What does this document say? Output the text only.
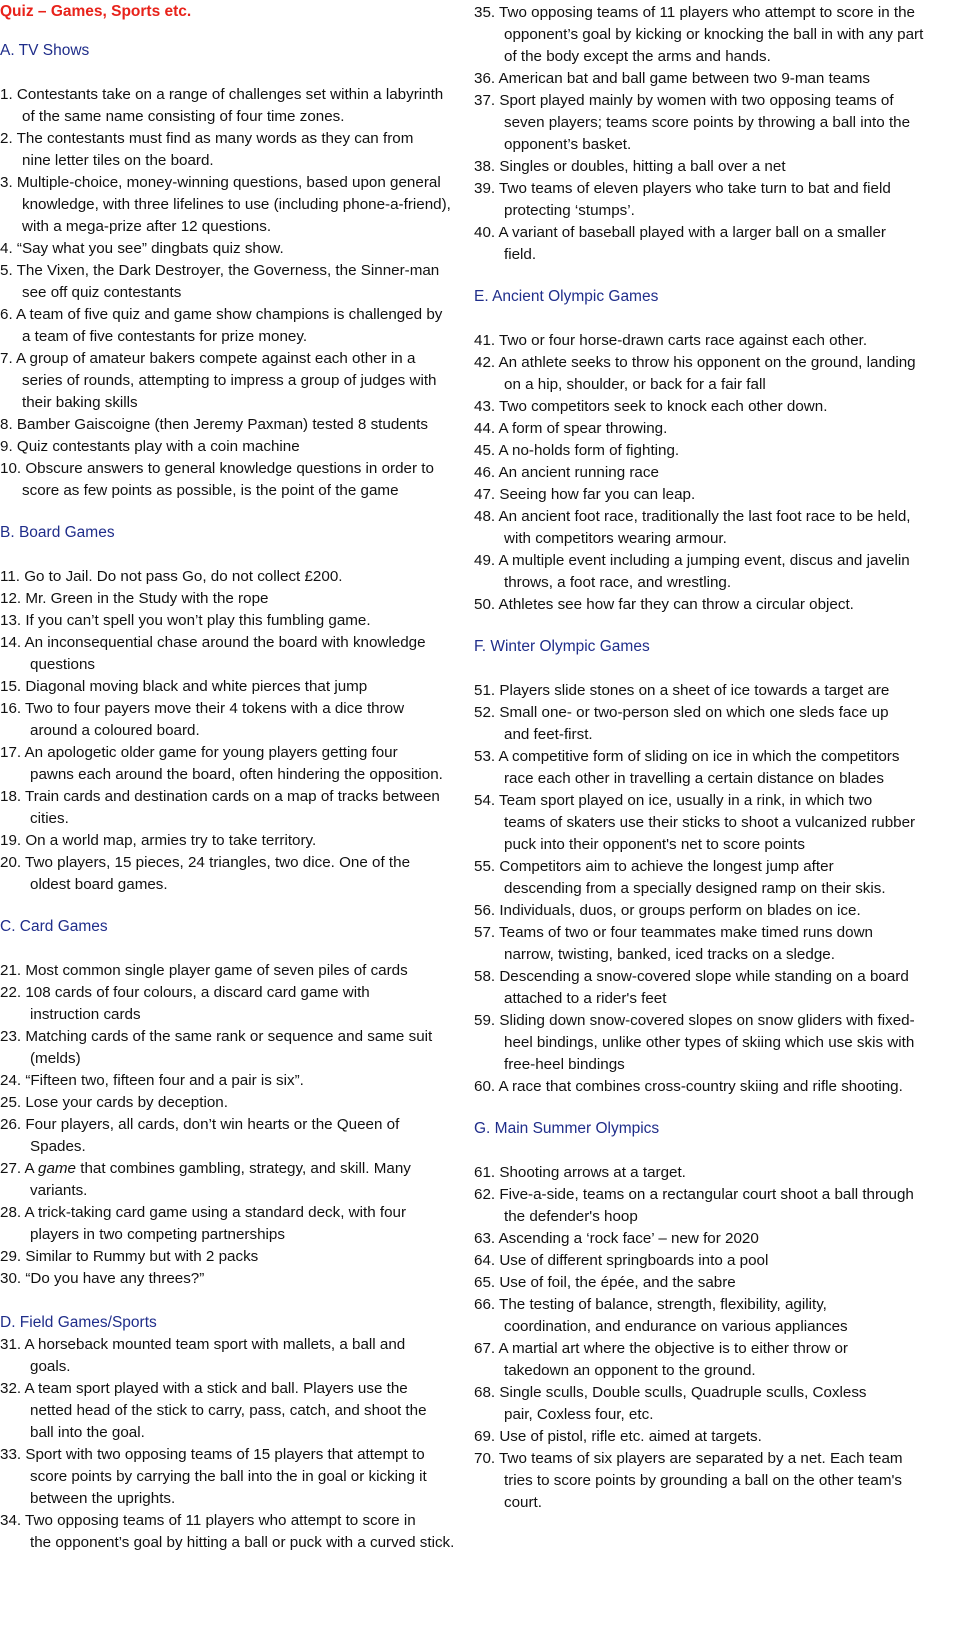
Quiz – Games, Sports etc.
A. TV Shows
1. Contestants take on a range of challenges set within a labyrinth
of the same name consisting of four time zones.
2. The contestants must find as many words as they can from
nine letter tiles on the board.
3. Multiple-choice, money-winning questions, based upon general
knowledge, with three lifelines to use (including phone-a-friend),
with a mega-prize after 12 questions.
4. “Say what you see” dingbats quiz show.
5. The Vixen, the Dark Destroyer, the Governess, the Sinner-man
see off quiz contestants
6. A team of five quiz and game show champions is challenged by
a team of five contestants for prize money.
7. A group of amateur bakers compete against each other in a
series of rounds, attempting to impress a group of judges with
their baking skills
8. Bamber Gaiscoigne (then Jeremy Paxman) tested 8 students
9. Quiz contestants play with a coin machine
10. Obscure answers to general knowledge questions in order to
score as few points as possible, is the point of the game
B. Board Games
11. Go to Jail. Do not pass Go, do not collect £200.
12. Mr. Green in the Study with the rope
13. If you can’t spell you won’t play this fumbling game.
14. An inconsequential chase around the board with knowledge
questions
15. Diagonal moving black and white pierces that jump
16. Two to four payers move their 4 tokens with a dice throw
around a coloured board.
17. An apologetic older game for young players getting four
pawns each around the board, often hindering the opposition.
18. Train cards and destination cards on a map of tracks between
cities.
19. On a world map, armies try to take territory.
20. Two players, 15 pieces, 24 triangles, two dice. One of the
oldest board games.
C. Card Games
21. Most common single player game of seven piles of cards
22. 108 cards of four colours, a discard card game with
instruction cards
23. Matching cards of the same rank or sequence and same suit
(melds)
24. “Fifteen two, fifteen four and a pair is six”.
25. Lose your cards by deception.
26. Four players, all cards, don’t win hearts or the Queen of
Spades.
27. A game that combines gambling, strategy, and skill. Many
variants.
28. A trick-taking card game using a standard deck, with four
players in two competing partnerships
29. Similar to Rummy but with 2 packs
30. “Do you have any threes?”
D. Field Games/Sports
31. A horseback mounted team sport with mallets, a ball and
goals.
32. A team sport played with a stick and ball. Players use the
netted head of the stick to carry, pass, catch, and shoot the
ball into the goal.
33. Sport with two opposing teams of 15 players that attempt to
score points by carrying the ball into the in goal or kicking it
between the uprights.
34. Two opposing teams of 11 players who attempt to score in
the opponent’s goal by hitting a ball or puck with a curved stick.
35. Two opposing teams of 11 players who attempt to score in the
opponent’s goal by kicking or knocking the ball in with any part
of the body except the arms and hands.
36. American bat and ball game between two 9-man teams
37. Sport played mainly by women with two opposing teams of
seven players; teams score points by throwing a ball into the
opponent’s basket.
38. Singles or doubles, hitting a ball over a net
39. Two teams of eleven players who take turn to bat and field
protecting ‘stumps’.
40. A variant of baseball played with a larger ball on a smaller
field.
E. Ancient Olympic Games
41. Two or four horse-drawn carts race against each other.
42. An athlete seeks to throw his opponent on the ground, landing
on a hip, shoulder, or back for a fair fall
43. Two competitors seek to knock each other down.
44. A form of spear throwing.
45. A no-holds form of fighting.
46. An ancient running race
47. Seeing how far you can leap.
48. An ancient foot race, traditionally the last foot race to be held,
with competitors wearing armour.
49. A multiple event including a jumping event, discus and javelin
throws, a foot race, and wrestling.
50. Athletes see how far they can throw a circular object.
F. Winter Olympic Games
51. Players slide stones on a sheet of ice towards a target are
52. Small one- or two-person sled on which one sleds face up
and feet-first.
53. A competitive form of sliding on ice in which the competitors
race each other in travelling a certain distance on blades
54. Team sport played on ice, usually in a rink, in which two
teams of skaters use their sticks to shoot a vulcanized rubber
puck into their opponent's net to score points
55. Competitors aim to achieve the longest jump after
descending from a specially designed ramp on their skis.
56. Individuals, duos, or groups perform on blades on ice.
57. Teams of two or four teammates make timed runs down
narrow, twisting, banked, iced tracks on a sledge.
58. Descending a snow-covered slope while standing on a board
attached to a rider's feet
59. Sliding down snow-covered slopes on snow gliders with fixed-
heel bindings, unlike other types of skiing which use skis with
free-heel bindings
60. A race that combines cross-country skiing and rifle shooting.
G. Main Summer Olympics
61. Shooting arrows at a target.
62. Five-a-side, teams on a rectangular court shoot a ball through
the defender's hoop
63. Ascending a ‘rock face’ – new for 2020
64. Use of different springboards into a pool
65. Use of foil, the épée, and the sabre
66. The testing of balance, strength, flexibility, agility,
coordination, and endurance on various appliances
67. A martial art where the objective is to either throw or
takedown an opponent to the ground.
68. Single sculls, Double sculls, Quadruple sculls, Coxless
pair, Coxless four, etc.
69. Use of pistol, rifle etc. aimed at targets.
70. Two teams of six players are separated by a net. Each team
tries to score points by grounding a ball on the other team's
court.
